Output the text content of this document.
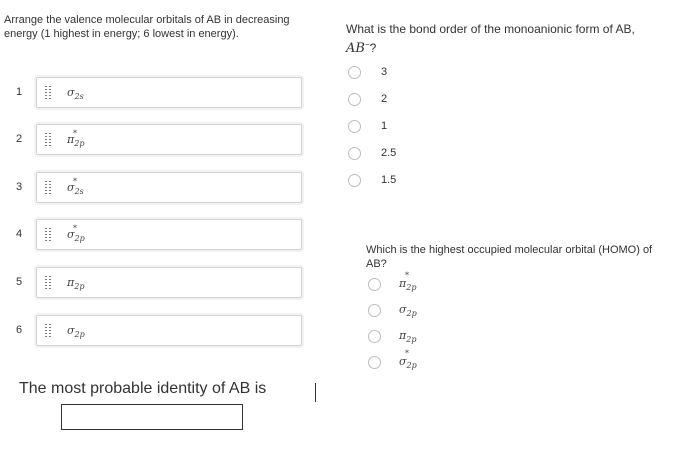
Arrange the valence molecular orbitals of AB in decreasing energy (1 highest in energy; 6 lowest in energy).
1	$\sigma_{2s}$
2	π
*
$_{2p}$
3	σ
*
$_{2s}$
4	σ
*
$_{2p}$
5	$\pi_{2p}$
6	$\sigma_{2p}$
The most probable identity of AB is
What is the bond order of the monoanionic form of AB,
AB−?
3
2
1
2.5
1.5
Which is the highest occupied molecular orbital (HOMO) of AB?
π
*
$_{2p}$
$\sigma_{2p}$
$\pi_{2p}$
σ
*
$_{2p}$
